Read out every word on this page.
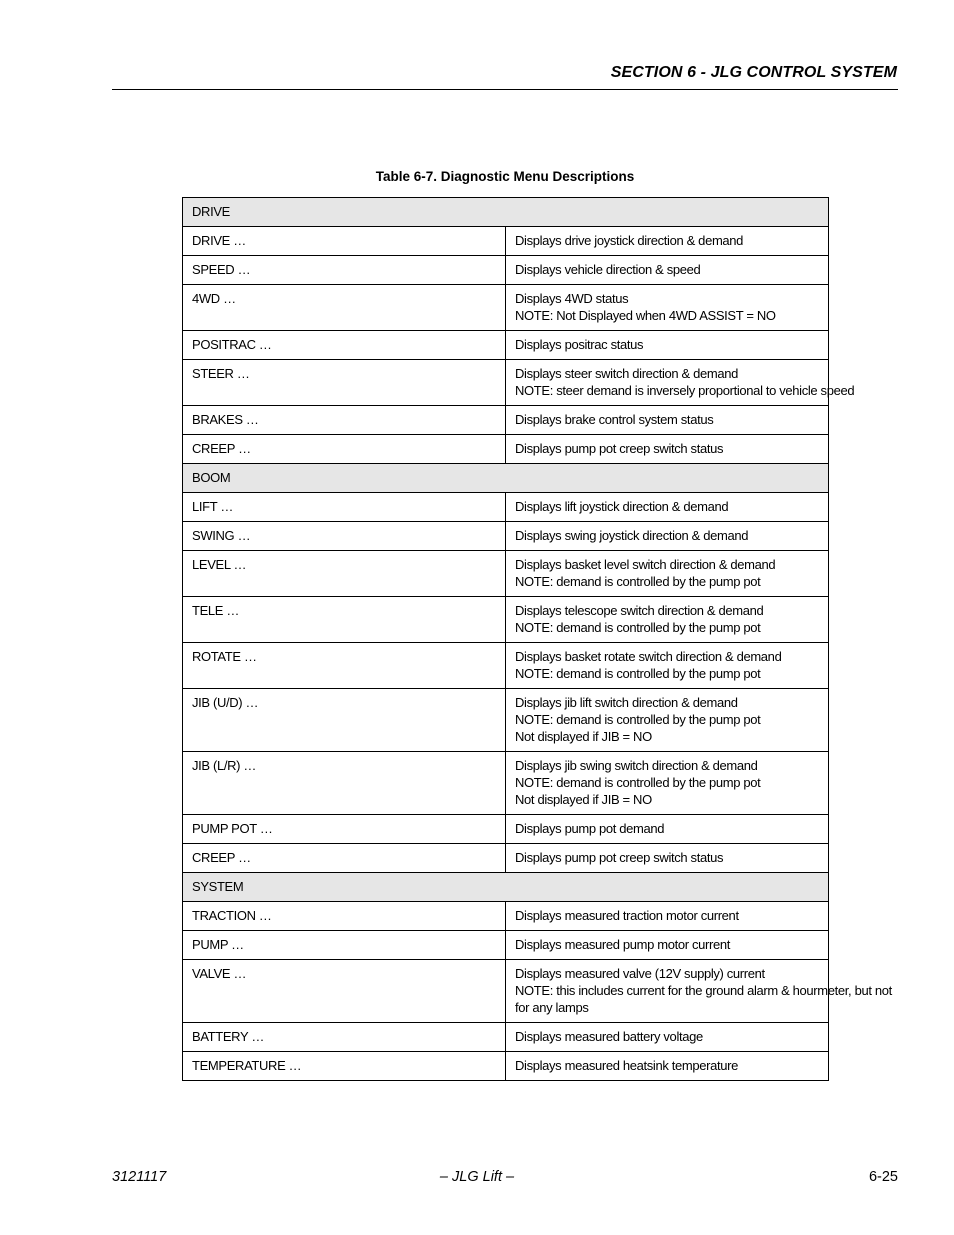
SECTION 6 - JLG CONTROL SYSTEM
Table 6-7. Diagnostic Menu Descriptions
DRIVE	
DRIVE …	Displays drive joystick direction & demand

SPEED …	Displays vehicle direction & speed

4WD …	Displays 4WD status
NOTE: Not Displayed when 4WD ASSIST = NO

POSITRAC …	Displays positrac status

STEER …	Displays steer switch direction & demand
NOTE: steer demand is inversely proportional to vehicle speed

BRAKES …	Displays brake control system status

CREEP …	Displays pump pot creep switch status

BOOM	
LIFT …	Displays lift joystick direction & demand

SWING …	Displays swing joystick direction & demand

LEVEL …	Displays basket level switch direction & demand
NOTE: demand is controlled by the pump pot

TELE …	Displays telescope switch direction & demand
NOTE: demand is controlled by the pump pot

ROTATE …	Displays basket rotate switch direction & demand
NOTE: demand is controlled by the pump pot

JIB (U/D) …	Displays jib lift switch direction & demand
NOTE: demand is controlled by the pump pot
Not displayed if JIB = NO

JIB (L/R) …	Displays jib swing switch direction & demand
NOTE: demand is controlled by the pump pot
Not displayed if JIB = NO

PUMP POT …	Displays pump pot demand

CREEP …	Displays pump pot creep switch status

SYSTEM	
TRACTION …	Displays measured traction motor current

PUMP …	Displays measured pump motor current

VALVE …	Displays measured valve (12V supply) current
NOTE: this includes current for the ground alarm & hourmeter, but not
for any lamps

BATTERY …	Displays measured battery voltage

TEMPERATURE …	Displays measured heatsink temperature
3121117	– JLG Lift –	6-25
